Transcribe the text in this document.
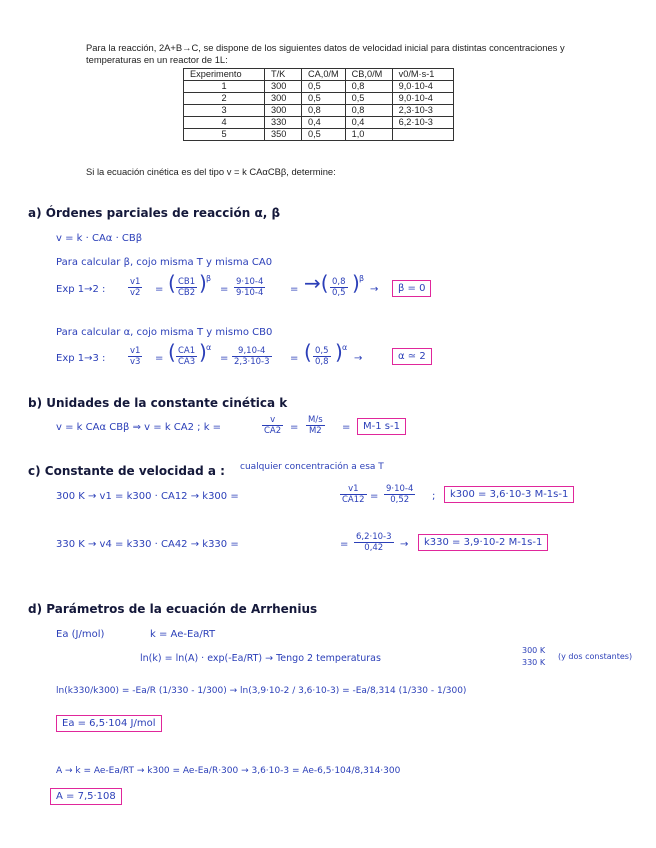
Para la reacción, 2A+B→C, se dispone de los siguientes datos de velocidad inicial para distintas concentraciones y
temperaturas en un reactor de 1L:
Experimento	T/K	CA,0/M	CB,0/M	v0/M·s-1
1	300	0,5	0,8	9,0·10-4
2	300	0,5	0,5	9,0·10-4
3	300	0,8	0,8	2,3·10-3
4	330	0,4	0,4	6,2·10-3
5	350	0,5	1,0	
Si la ecuación cinética es del tipo v = k CAαCBβ, determine:
a) Órdenes parciales de reacción α, β
v = k · CAα · CBβ
Para calcular β, cojo misma T y misma CA0
Exp 1→2 :	$\frac{v1}{v2}$ = ( $\frac{CB1}{CB2}$ ) β
= $\frac{9\cdot 10-4}{9\cdot 10-4}$ = →( $\frac{0,8}{0,5}$ ) β
→	β = 0
Para calcular α, cojo misma T y mismo CB0
Exp 1→3 :	$\frac{v1}{v3}$ = ( $\frac{CA1}{CA3}$ ) α
= $\frac{9,10-4}{2,3\cdot 10-3}$ = ( $\frac{0,5}{0,8}$ ) α
→	α ≃ 2
b) Unidades de la constante cinética k
v = k CAα CBβ ⇒ v = k CA2 ; k =	$\frac{v}{CA2} = \frac{M/s}{M2}$ =	M-1 s-1
c) Constante de velocidad a : cualquier concentración a esa T
300 K → v1 = k300 · CA12 → k300 =	$\frac{v1}{CA12} = \frac{9\cdot 10-4}{0,52}$ ;	k300 = 3,6·10-3 M-1s-1
330 K → v4 = k330 · CA42 → k330 =	= $\frac{6,2\cdot 10-3}{0,42}$ →	k330 = 3,9·10-2 M-1s-1
d) Parámetros de la ecuación de Arrhenius
Ea (J/mol)	k = Ae-Ea/RT
ln(k) = ln(A) · exp(-Ea/RT) → Tengo 2 temperaturas
300 K
330 K
(y dos constantes)
ln(k330/k300) = -Ea/R (1/330 - 1/300) → ln(3,9·10-2 / 3,6·10-3) = -Ea/8,314 (1/330 - 1/300)
Ea = 6,5·104 J/mol
A → k = Ae-Ea/RT → k300 = Ae-Ea/R·300 → 3,6·10-3 = Ae-6,5·104/8,314·300
A = 7,5·108
